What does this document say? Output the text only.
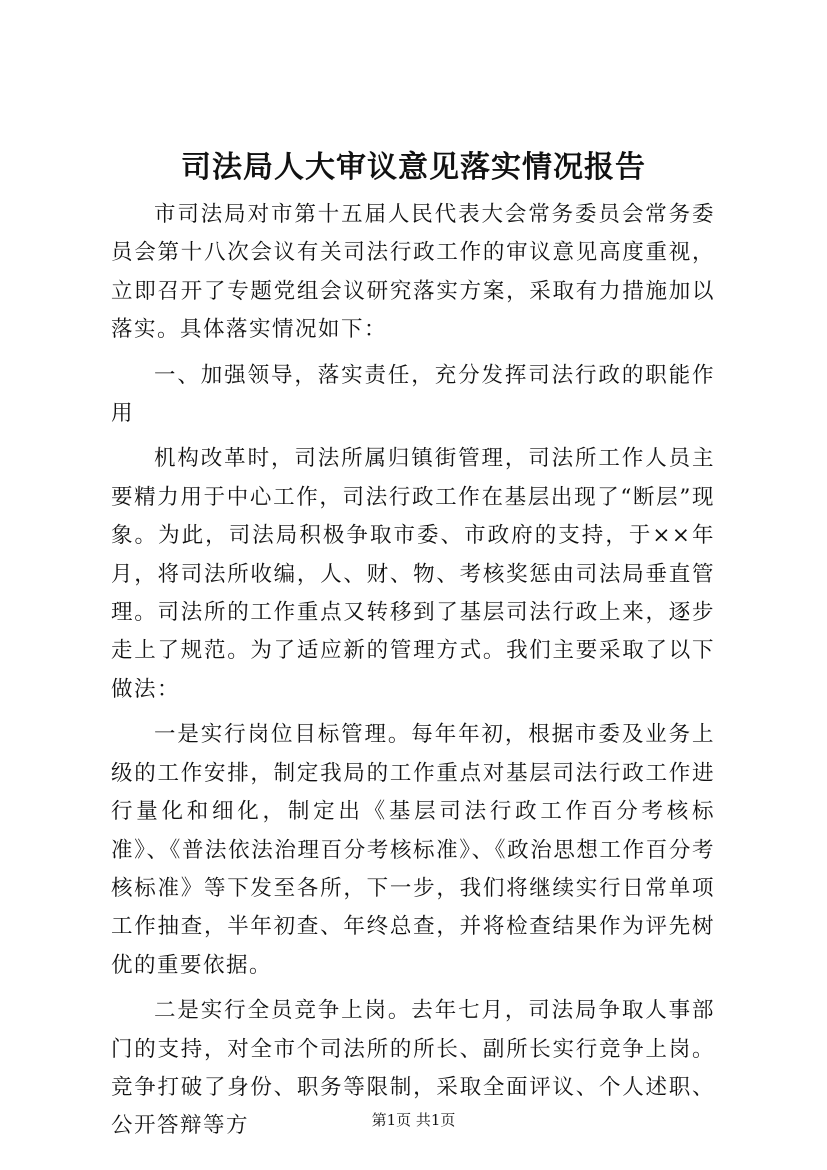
司法局人大审议意见落实情况报告

市司法局对市第十五届人民代表大会常务委员会常务委员会第十八次会议有关司法行政工作的审议意见高度重视，立即召开了专题党组会议研究落实方案，采取有力措施加以落实。具体落实情况如下：

一、加强领导，落实责任，充分发挥司法行政的职能作用

机构改革时，司法所属归镇街管理，司法所工作人员主要精力用于中心工作，司法行政工作在基层出现了“断层”现象。为此，司法局积极争取市委、市政府的支持，于××年月，将司法所收编，人、财、物、考核奖惩由司法局垂直管理。司法所的工作重点又转移到了基层司法行政上来，逐步走上了规范。为了适应新的管理方式。我们主要采取了以下做法：

一是实行岗位目标管理。每年年初，根据市委及业务上级的工作安排，制定我局的工作重点对基层司法行政工作进行量化和细化，制定出《基层司法行政工作百分考核标准》、《普法依法治理百分考核标准》、《政治思想工作百分考核标准》等下发至各所，下一步，我们将继续实行日常单项工作抽查，半年初查、年终总查，并将检查结果作为评先树优的重要依据。

二是实行全员竞争上岗。去年七月，司法局争取人事部门的支持，对全市个司法所的所长、副所长实行竞争上岗。竞争打破了身份、职务等限制，采取全面评议、个人述职、公开答辩等方	第1页 共1页
